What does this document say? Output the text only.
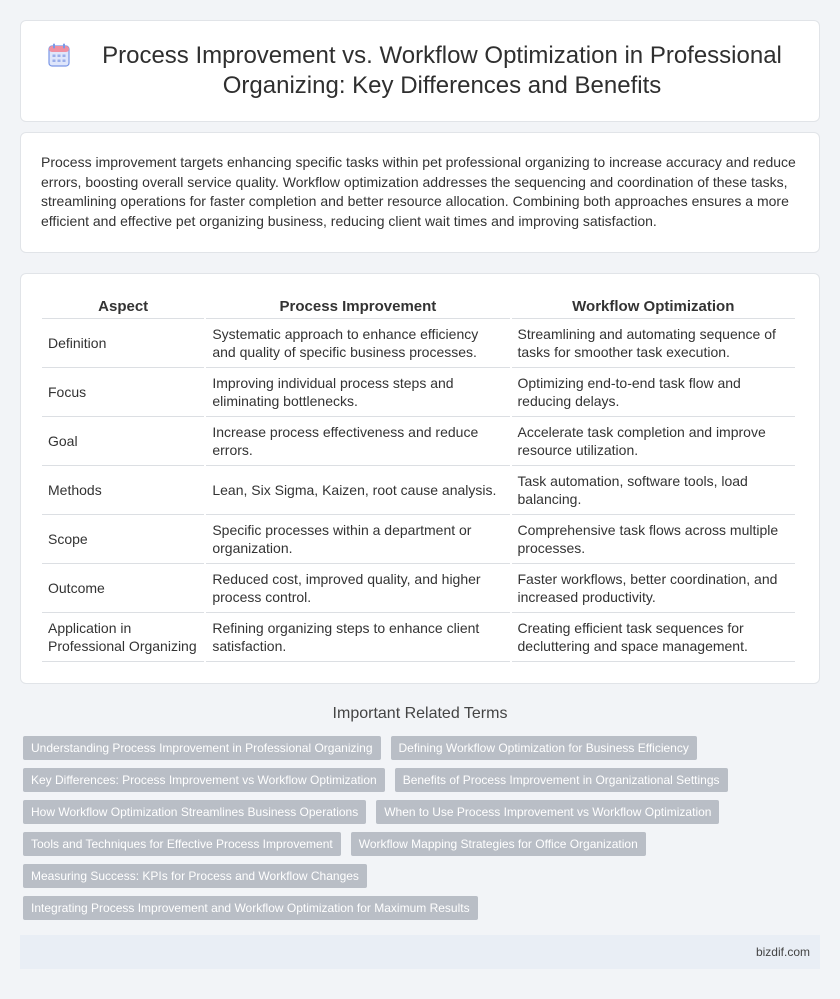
Process Improvement vs. Workflow Optimization in Professional Organizing: Key Differences and Benefits

Process improvement targets enhancing specific tasks within pet professional organizing to increase accuracy and reduce errors, boosting overall service quality. Workflow optimization addresses the sequencing and coordination of these tasks, streamlining operations for faster completion and better resource allocation. Combining both approaches ensures a more efficient and effective pet organizing business, reducing client wait times and improving satisfaction.

Aspect	Process Improvement	Workflow Optimization
Definition	Systematic approach to enhance efficiency and quality of specific business processes.	Streamlining and automating sequence of tasks for smoother task execution.
Focus	Improving individual process steps and eliminating bottlenecks.	Optimizing end-to-end task flow and reducing delays.
Goal	Increase process effectiveness and reduce errors.	Accelerate task completion and improve resource utilization.
Methods	Lean, Six Sigma, Kaizen, root cause analysis.	Task automation, software tools, load balancing.
Scope	Specific processes within a department or organization.	Comprehensive task flows across multiple processes.
Outcome	Reduced cost, improved quality, and higher process control.	Faster workflows, better coordination, and increased productivity.
Application in Professional Organizing	Refining organizing steps to enhance client satisfaction.	Creating efficient task sequences for decluttering and space management.
Important Related Terms
Understanding Process Improvement in Professional Organizing	Defining Workflow Optimization for Business Efficiency
Key Differences: Process Improvement vs Workflow Optimization	Benefits of Process Improvement in Organizational Settings
How Workflow Optimization Streamlines Business Operations	When to Use Process Improvement vs Workflow Optimization
Tools and Techniques for Effective Process Improvement	Workflow Mapping Strategies for Office Organization
Measuring Success: KPIs for Process and Workflow Changes
Integrating Process Improvement and Workflow Optimization for Maximum Results
bizdif.com
